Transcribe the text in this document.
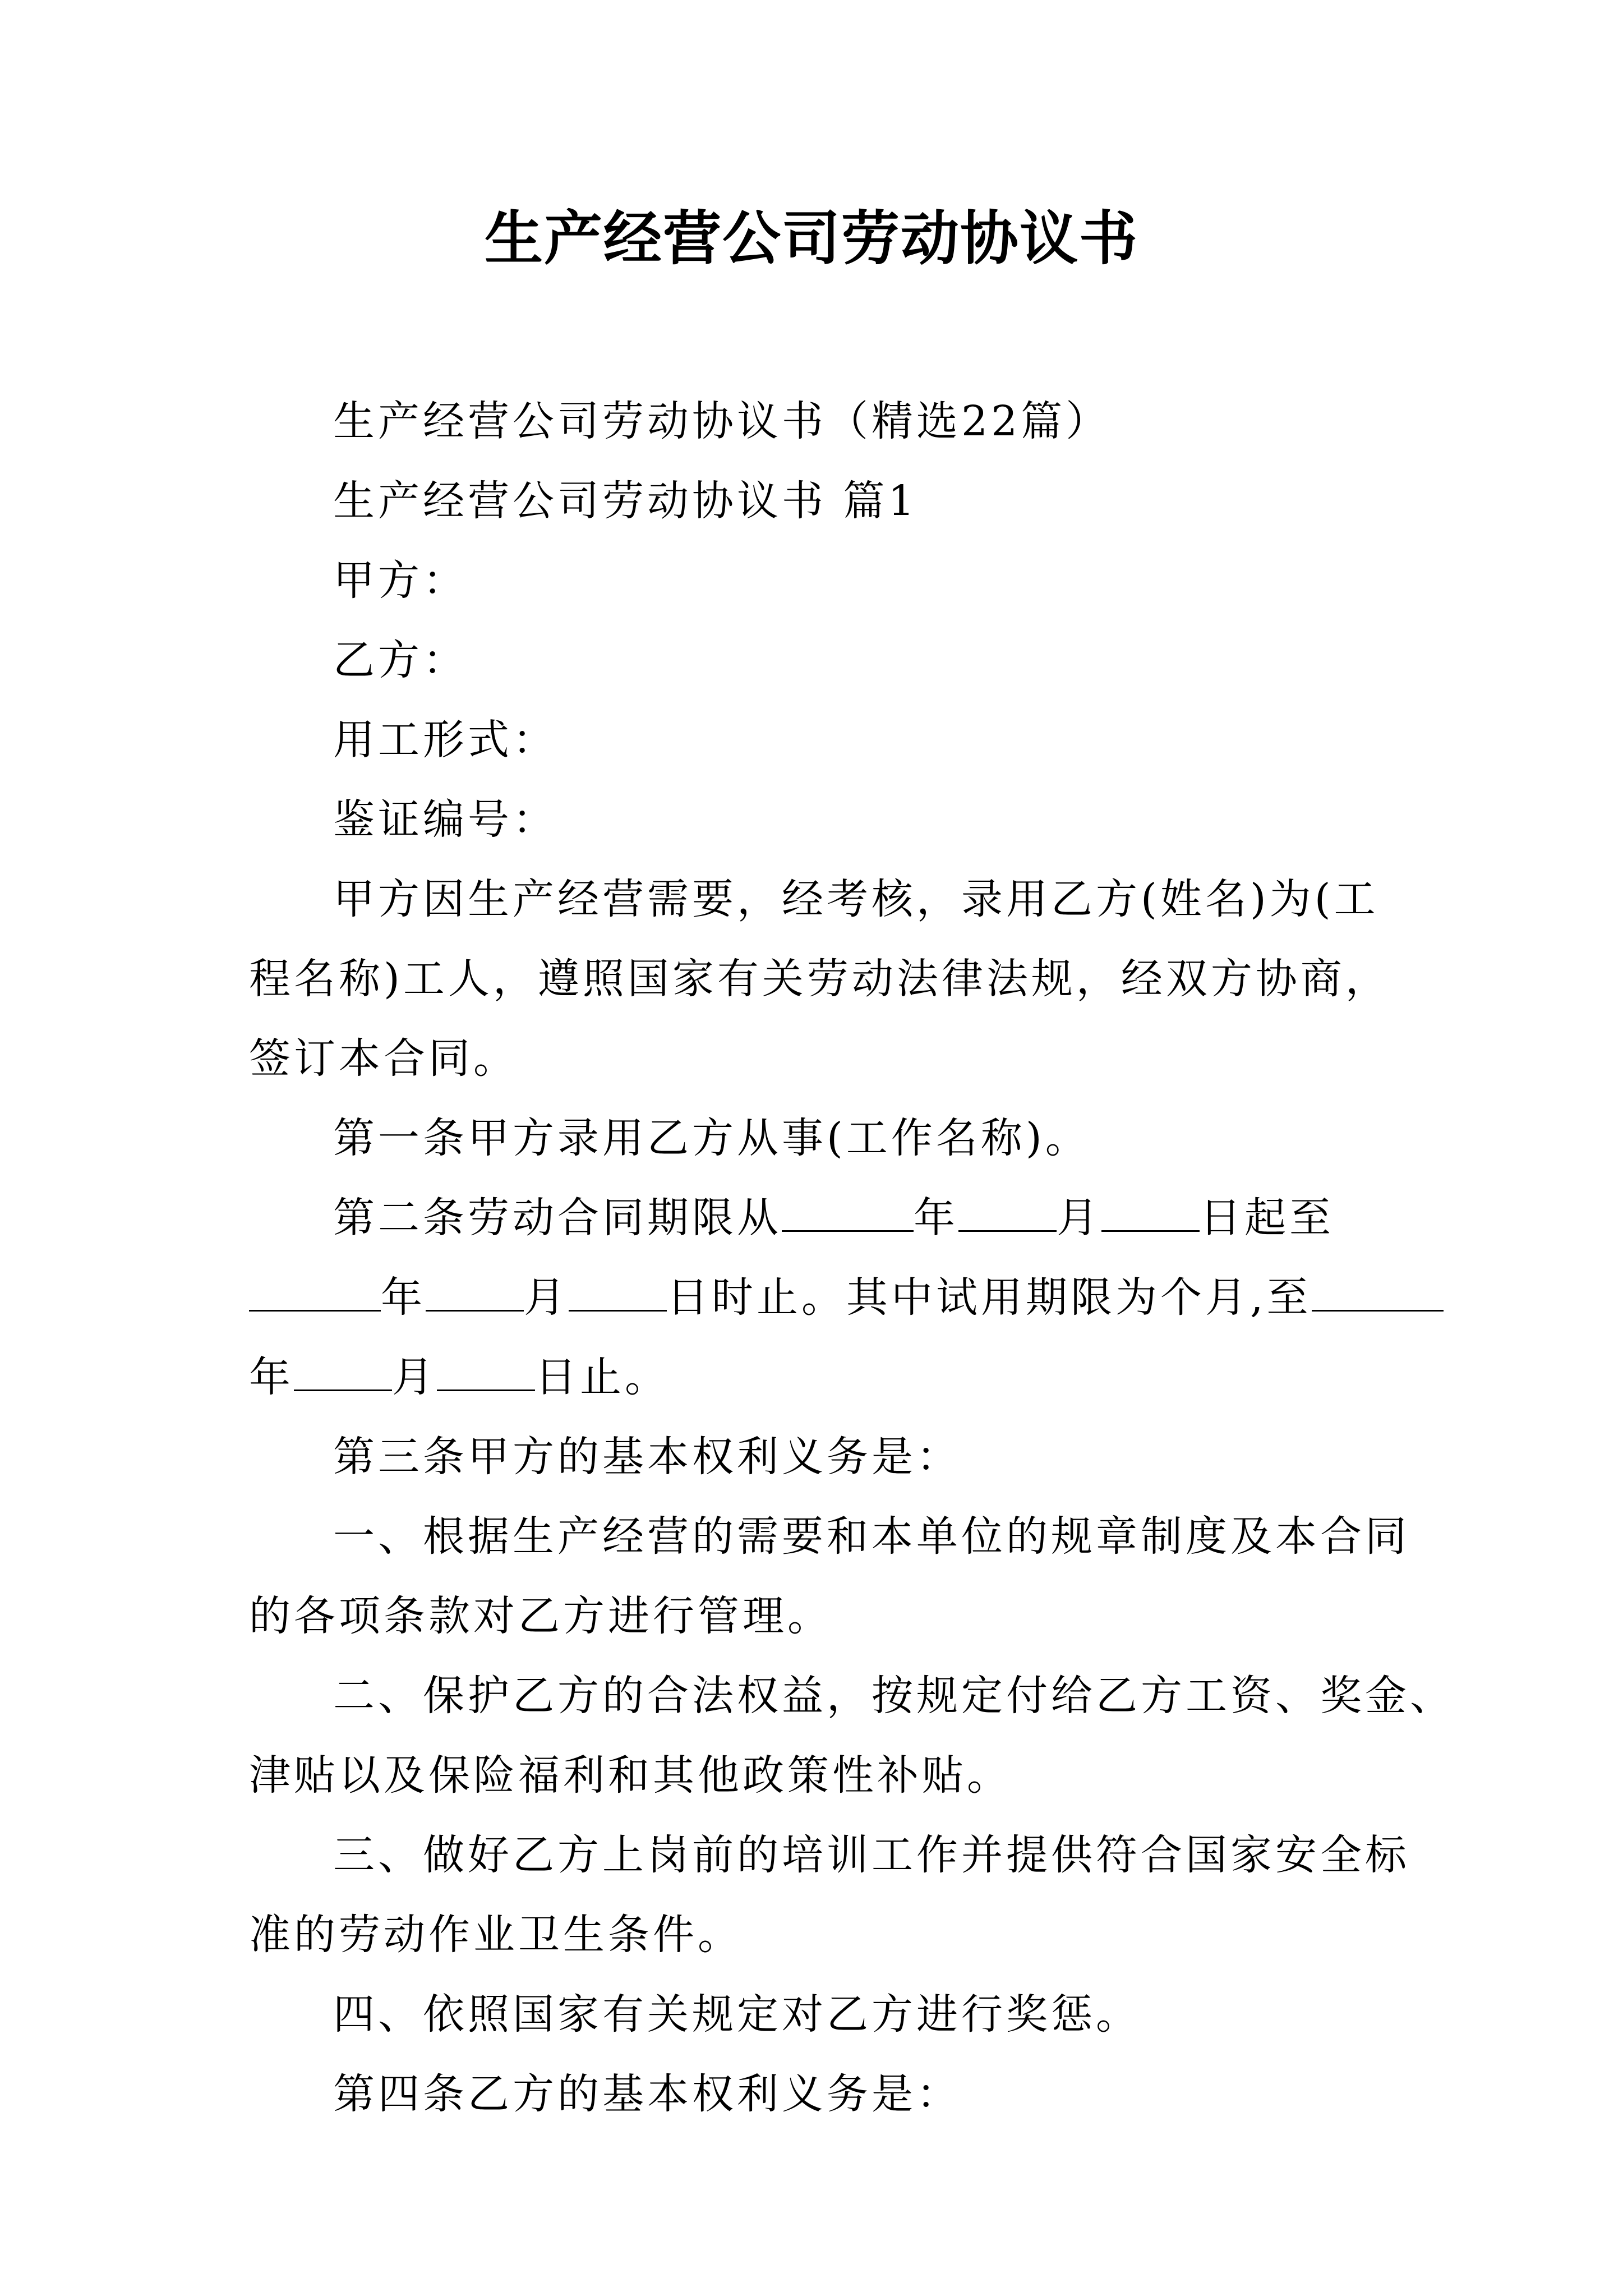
生产经营公司劳动协议书
生产经营公司劳动协议书（精选22篇）
生产经营公司劳动协议书 篇1
甲方：
乙方：
用工形式：
鉴证编号：
甲方因生产经营需要，经考核，录用乙方(姓名)为(工
程名称)工人，遵照国家有关劳动法律法规，经双方协商，
签订本合同。
第一条甲方录用乙方从事(工作名称)。
第二条劳动合同期限从	年 月 日起至
年 月 日时止。其中试用期限为个月,至
年 月 日止。
第三条甲方的基本权利义务是：
一、根据生产经营的需要和本单位的规章制度及本合同
的各项条款对乙方进行管理。
二、保护乙方的合法权益，按规定付给乙方工资、奖金、
津贴以及保险福利和其他政策性补贴。
三、做好乙方上岗前的培训工作并提供符合国家安全标
准的劳动作业卫生条件。
四、依照国家有关规定对乙方进行奖惩。
第四条乙方的基本权利义务是：
